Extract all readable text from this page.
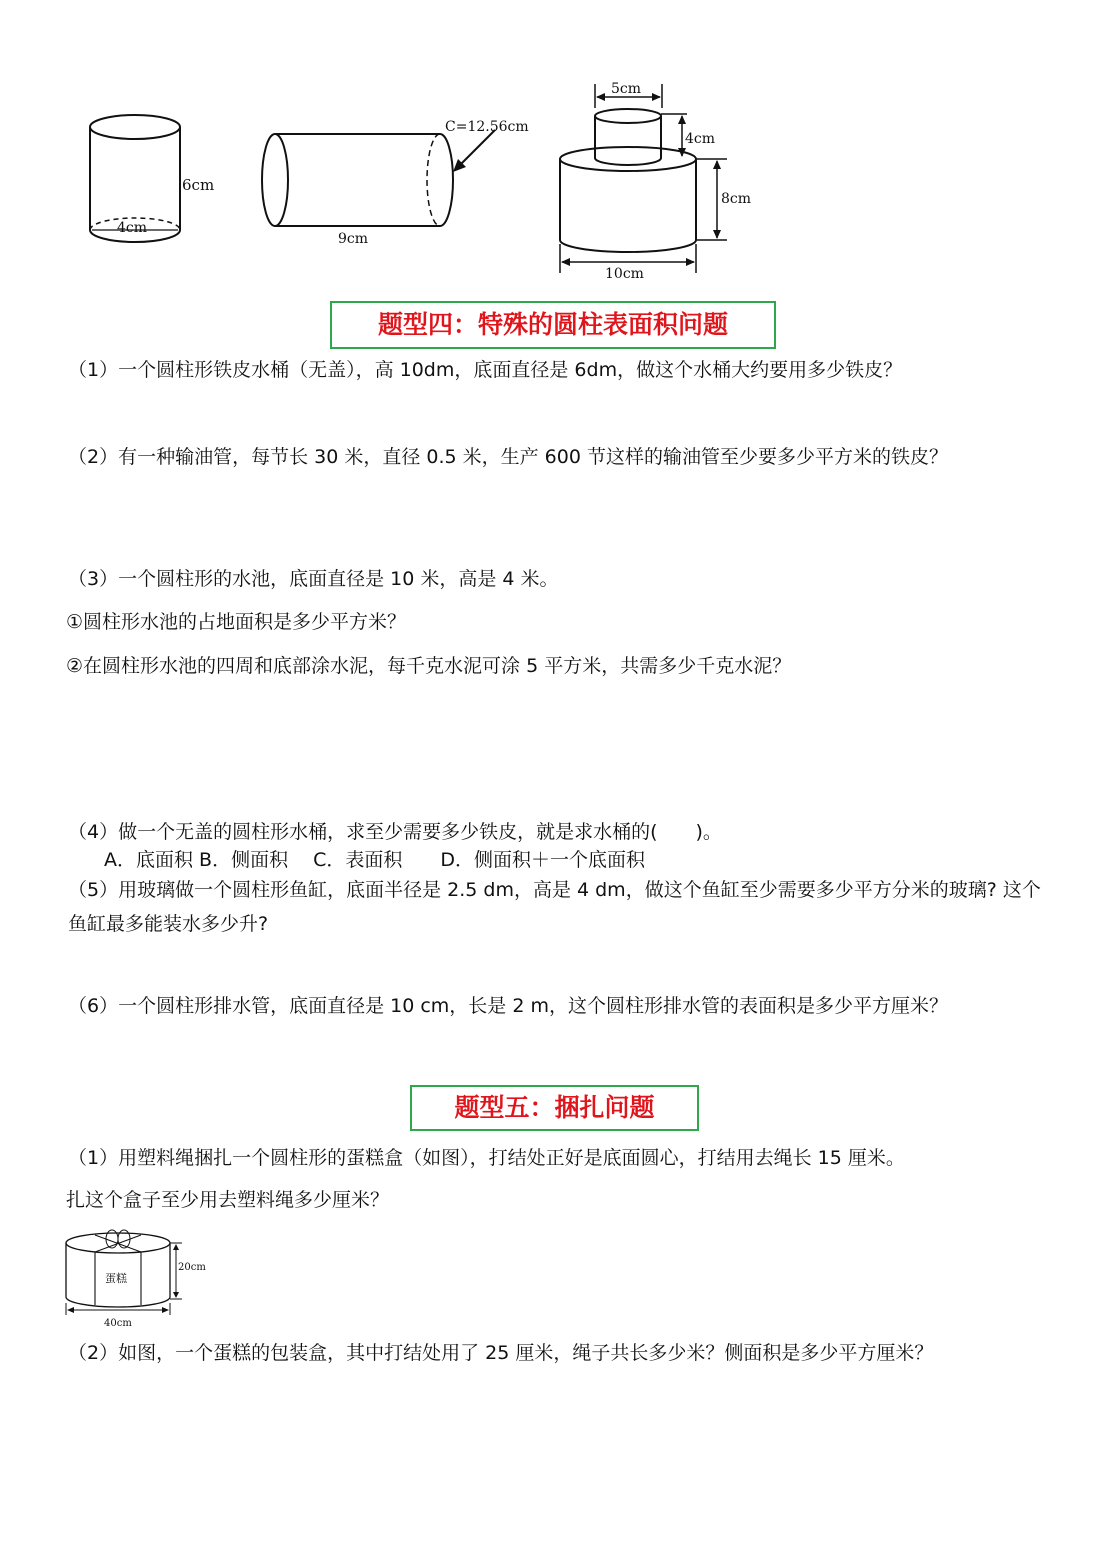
6cm
4cm
C=12.56cm
9cm
5cm
4cm
8cm
10cm
题型四：特殊的圆柱表面积问题
（1）一个圆柱形铁皮水桶（无盖），高 10dm，底面直径是 6dm，做这个水桶大约要用多少铁皮？
（2）有一种输油管，每节长 30 米，直径 0.5 米，生产 600 节这样的输油管至少要多少平方米的铁皮？
（3）一个圆柱形的水池，底面直径是 10 米，高是 4 米。
①圆柱形水池的占地面积是多少平方米？
②在圆柱形水池的四周和底部涂水泥，每千克水泥可涂 5 平方米，共需多少千克水泥？
（4）做一个无盖的圆柱形水桶，求至少需要多少铁皮，就是求水桶的(　　)。
A．底面积 B．侧面积　 C．表面积　　D．侧面积＋一个底面积
（5）用玻璃做一个圆柱形鱼缸，底面半径是 2.5 dm，高是 4 dm，做这个鱼缸至少需要多少平方分米的玻璃? 这个鱼缸最多能装水多少升?
（6）一个圆柱形排水管，底面直径是 10 cm，长是 2 m，这个圆柱形排水管的表面积是多少平方厘米？
题型五：捆扎问题
（1）用塑料绳捆扎一个圆柱形的蛋糕盒（如图），打结处正好是底面圆心，打结用去绳长 15 厘米。
扎这个盒子至少用去塑料绳多少厘米？
蛋糕
20cm
40cm
（2）如图，一个蛋糕的包装盒，其中打结处用了 25 厘米，绳子共长多少米？侧面积是多少平方厘米？
